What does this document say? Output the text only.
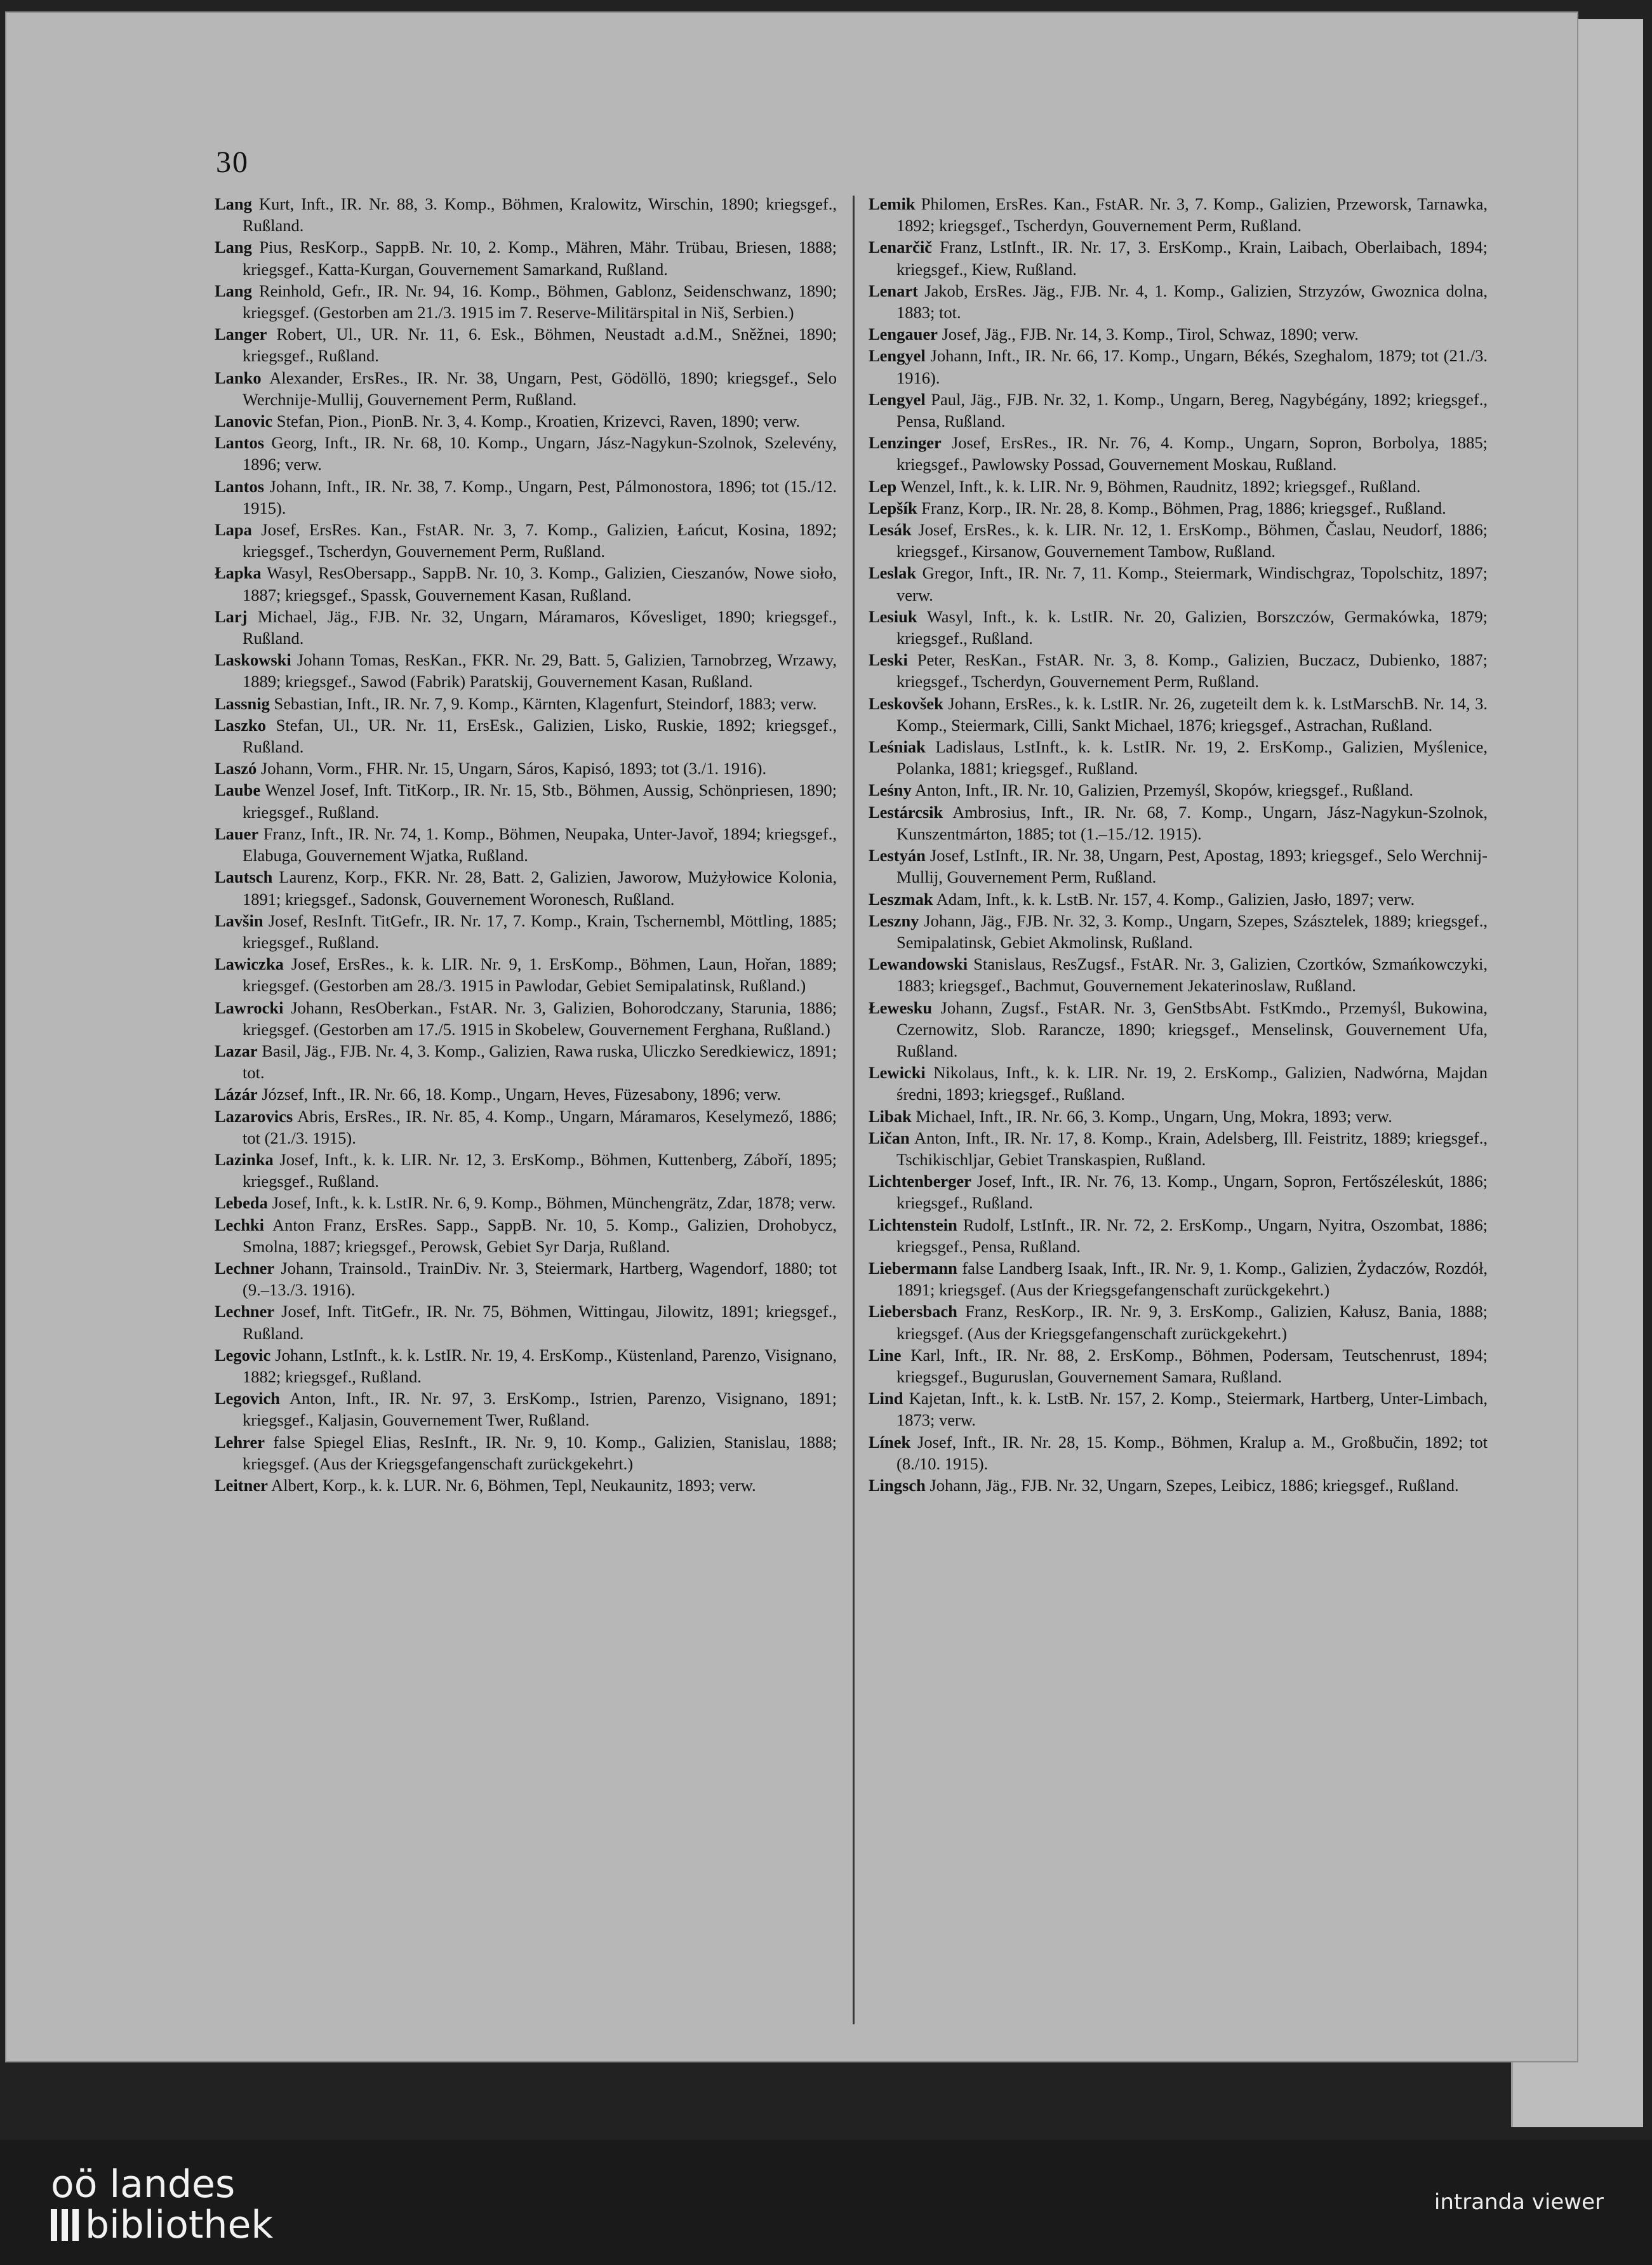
30

Lang Kurt, Inft., IR. Nr. 88, 3. Komp., Böhmen, Kralowitz, Wirschin, 1890; kriegsgef., Rußland.

Lang Pius, ResKorp., SappB. Nr. 10, 2. Komp., Mähren, Mähr. Trübau, Briesen, 1888; kriegsgef., Katta-Kurgan, Gouvernement Samarkand, Rußland.

Lang Reinhold, Gefr., IR. Nr. 94, 16. Komp., Böhmen, Gablonz, Seidenschwanz, 1890; kriegsgef. (Gestorben am 21./3. 1915 im 7. Reserve-Militärspital in Niš, Serbien.)

Langer Robert, Ul., UR. Nr. 11, 6. Esk., Böhmen, Neustadt a.d.M., Sněžnei, 1890; kriegsgef., Rußland.

Lanko Alexander, ErsRes., IR. Nr. 38, Ungarn, Pest, Gödöllö, 1890; kriegsgef., Selo Werchnije-Mullij, Gouvernement Perm, Rußland.

Lanovic Stefan, Pion., PionB. Nr. 3, 4. Komp., Kroatien, Krizevci, Raven, 1890; verw.

Lantos Georg, Inft., IR. Nr. 68, 10. Komp., Ungarn, Jász-Nagykun-Szolnok, Szelevény, 1896; verw.

Lantos Johann, Inft., IR. Nr. 38, 7. Komp., Ungarn, Pest, Pálmonostora, 1896; tot (15./12. 1915).

Lapa Josef, ErsRes. Kan., FstAR. Nr. 3, 7. Komp., Galizien, Łańcut, Kosina, 1892; kriegsgef., Tscherdyn, Gouvernement Perm, Rußland.

Łapka Wasyl, ResObersapp., SappB. Nr. 10, 3. Komp., Galizien, Cieszanów, Nowe sioło, 1887; kriegsgef., Spassk, Gouvernement Kasan, Rußland.

Larj Michael, Jäg., FJB. Nr. 32, Ungarn, Máramaros, Kővesliget, 1890; kriegsgef., Rußland.

Laskowski Johann Tomas, ResKan., FKR. Nr. 29, Batt. 5, Galizien, Tarnobrzeg, Wrzawy, 1889; kriegsgef., Sawod (Fabrik) Paratskij, Gouvernement Kasan, Rußland.

Lassnig Sebastian, Inft., IR. Nr. 7, 9. Komp., Kärnten, Klagenfurt, Steindorf, 1883; verw.

Laszko Stefan, Ul., UR. Nr. 11, ErsEsk., Galizien, Lisko, Ruskie, 1892; kriegsgef., Rußland.

Laszó Johann, Vorm., FHR. Nr. 15, Ungarn, Sáros, Kapisó, 1893; tot (3./1. 1916).

Laube Wenzel Josef, Inft. TitKorp., IR. Nr. 15, Stb., Böhmen, Aussig, Schönpriesen, 1890; kriegsgef., Rußland.

Lauer Franz, Inft., IR. Nr. 74, 1. Komp., Böhmen, Neupaka, Unter-Javoř, 1894; kriegsgef., Elabuga, Gouvernement Wjatka, Rußland.

Lautsch Laurenz, Korp., FKR. Nr. 28, Batt. 2, Galizien, Jaworow, Mużyłowice Kolonia, 1891; kriegsgef., Sadonsk, Gouvernement Woronesch, Rußland.

Lavšin Josef, ResInft. TitGefr., IR. Nr. 17, 7. Komp., Krain, Tschernembl, Möttling, 1885; kriegsgef., Rußland.

Lawiczka Josef, ErsRes., k. k. LIR. Nr. 9, 1. ErsKomp., Böhmen, Laun, Hořan, 1889; kriegsgef. (Gestorben am 28./3. 1915 in Pawlodar, Gebiet Semipalatinsk, Rußland.)

Lawrocki Johann, ResOberkan., FstAR. Nr. 3, Galizien, Bohorodczany, Starunia, 1886; kriegsgef. (Gestorben am 17./5. 1915 in Skobelew, Gouvernement Ferghana, Rußland.)

Lazar Basil, Jäg., FJB. Nr. 4, 3. Komp., Galizien, Rawa ruska, Uliczko Seredkiewicz, 1891; tot.

Lázár József, Inft., IR. Nr. 66, 18. Komp., Ungarn, Heves, Füzesabony, 1896; verw.

Lazarovics Abris, ErsRes., IR. Nr. 85, 4. Komp., Ungarn, Máramaros, Keselymező, 1886; tot (21./3. 1915).

Lazinka Josef, Inft., k. k. LIR. Nr. 12, 3. ErsKomp., Böhmen, Kuttenberg, Záboří, 1895; kriegsgef., Rußland.

Lebeda Josef, Inft., k. k. LstIR. Nr. 6, 9. Komp., Böhmen, Münchengrätz, Zdar, 1878; verw.

Lechki Anton Franz, ErsRes. Sapp., SappB. Nr. 10, 5. Komp., Galizien, Drohobycz, Smolna, 1887; kriegsgef., Perowsk, Gebiet Syr Darja, Rußland.

Lechner Johann, Trainsold., TrainDiv. Nr. 3, Steiermark, Hartberg, Wagendorf, 1880; tot (9.–13./3. 1916).

Lechner Josef, Inft. TitGefr., IR. Nr. 75, Böhmen, Wittingau, Jilowitz, 1891; kriegsgef., Rußland.

Legovic Johann, LstInft., k. k. LstIR. Nr. 19, 4. ErsKomp., Küstenland, Parenzo, Visignano, 1882; kriegsgef., Rußland.

Legovich Anton, Inft., IR. Nr. 97, 3. ErsKomp., Istrien, Parenzo, Visignano, 1891; kriegsgef., Kaljasin, Gouvernement Twer, Rußland.

Lehrer false Spiegel Elias, ResInft., IR. Nr. 9, 10. Komp., Galizien, Stanislau, 1888; kriegsgef. (Aus der Kriegsgefangenschaft zurückgekehrt.)

Leitner Albert, Korp., k. k. LUR. Nr. 6, Böhmen, Tepl, Neukaunitz, 1893; verw.

Lemik Philomen, ErsRes. Kan., FstAR. Nr. 3, 7. Komp., Galizien, Przeworsk, Tarnawka, 1892; kriegsgef., Tscherdyn, Gouvernement Perm, Rußland.

Lenarčič Franz, LstInft., IR. Nr. 17, 3. ErsKomp., Krain, Laibach, Oberlaibach, 1894; kriegsgef., Kiew, Rußland.

Lenart Jakob, ErsRes. Jäg., FJB. Nr. 4, 1. Komp., Galizien, Strzyzów, Gwoznica dolna, 1883; tot.

Lengauer Josef, Jäg., FJB. Nr. 14, 3. Komp., Tirol, Schwaz, 1890; verw.

Lengyel Johann, Inft., IR. Nr. 66, 17. Komp., Ungarn, Békés, Szeghalom, 1879; tot (21./3. 1916).

Lengyel Paul, Jäg., FJB. Nr. 32, 1. Komp., Ungarn, Bereg, Nagybégány, 1892; kriegsgef., Pensa, Rußland.

Lenzinger Josef, ErsRes., IR. Nr. 76, 4. Komp., Ungarn, Sopron, Borbolya, 1885; kriegsgef., Pawlowsky Possad, Gouvernement Moskau, Rußland.

Lep Wenzel, Inft., k. k. LIR. Nr. 9, Böhmen, Raudnitz, 1892; kriegsgef., Rußland.

Lepšík Franz, Korp., IR. Nr. 28, 8. Komp., Böhmen, Prag, 1886; kriegsgef., Rußland.

Lesák Josef, ErsRes., k. k. LIR. Nr. 12, 1. ErsKomp., Böhmen, Časlau, Neudorf, 1886; kriegsgef., Kirsanow, Gouvernement Tambow, Rußland.

Leslak Gregor, Inft., IR. Nr. 7, 11. Komp., Steiermark, Windischgraz, Topolschitz, 1897; verw.

Lesiuk Wasyl, Inft., k. k. LstIR. Nr. 20, Galizien, Borszczów, Germakówka, 1879; kriegsgef., Rußland.

Leski Peter, ResKan., FstAR. Nr. 3, 8. Komp., Galizien, Buczacz, Dubienko, 1887; kriegsgef., Tscherdyn, Gouvernement Perm, Rußland.

Leskovšek Johann, ErsRes., k. k. LstIR. Nr. 26, zugeteilt dem k. k. LstMarschB. Nr. 14, 3. Komp., Steiermark, Cilli, Sankt Michael, 1876; kriegsgef., Astrachan, Rußland.

Leśniak Ladislaus, LstInft., k. k. LstIR. Nr. 19, 2. ErsKomp., Galizien, Myślenice, Polanka, 1881; kriegsgef., Rußland.

Leśny Anton, Inft., IR. Nr. 10, Galizien, Przemyśl, Skopów, kriegsgef., Rußland.

Lestárcsik Ambrosius, Inft., IR. Nr. 68, 7. Komp., Ungarn, Jász-Nagykun-Szolnok, Kunszentmárton, 1885; tot (1.–15./12. 1915).

Lestyán Josef, LstInft., IR. Nr. 38, Ungarn, Pest, Apostag, 1893; kriegsgef., Selo Werchnij-Mullij, Gouvernement Perm, Rußland.

Leszmak Adam, Inft., k. k. LstB. Nr. 157, 4. Komp., Galizien, Jasło, 1897; verw.

Leszny Johann, Jäg., FJB. Nr. 32, 3. Komp., Ungarn, Szepes, Szásztelek, 1889; kriegsgef., Semipalatinsk, Gebiet Akmolinsk, Rußland.

Lewandowski Stanislaus, ResZugsf., FstAR. Nr. 3, Galizien, Czortków, Szmańkowczyki, 1883; kriegsgef., Bachmut, Gouvernement Jekaterinoslaw, Rußland.

Łewesku Johann, Zugsf., FstAR. Nr. 3, GenStbsAbt. FstKmdo., Przemyśl, Bukowina, Czernowitz, Slob. Raranсze, 1890; kriegsgef., Menselinsk, Gouvernement Ufa, Rußland.

Lewicki Nikolaus, Inft., k. k. LIR. Nr. 19, 2. ErsKomp., Galizien, Nadwórna, Majdan średni, 1893; kriegsgef., Rußland.

Libak Michael, Inft., IR. Nr. 66, 3. Komp., Ungarn, Ung, Mokra, 1893; verw.

Ličan Anton, Inft., IR. Nr. 17, 8. Komp., Krain, Adelsberg, Ill. Feistritz, 1889; kriegsgef., Tschikischljar, Gebiet Transkaspien, Rußland.

Lichtenberger Josef, Inft., IR. Nr. 76, 13. Komp., Ungarn, Sopron, Fertőszéleskút, 1886; kriegsgef., Rußland.

Lichtenstein Rudolf, LstInft., IR. Nr. 72, 2. ErsKomp., Ungarn, Nyitra, Oszombat, 1886; kriegsgef., Pensa, Rußland.

Liebermann false Landberg Isaak, Inft., IR. Nr. 9, 1. Komp., Galizien, Żydaczów, Rozdół, 1891; kriegsgef. (Aus der Kriegsgefangenschaft zurückgekehrt.)

Liebersbach Franz, ResKorp., IR. Nr. 9, 3. ErsKomp., Galizien, Kałusz, Bania, 1888; kriegsgef. (Aus der Kriegsgefangenschaft zurückgekehrt.)

Line Karl, Inft., IR. Nr. 88, 2. ErsKomp., Böhmen, Podersam, Teutschenrust, 1894; kriegsgef., Buguruslan, Gouvernement Samara, Rußland.

Lind Kajetan, Inft., k. k. LstB. Nr. 157, 2. Komp., Steiermark, Hartberg, Unter-Limbach, 1873; verw.

Línek Josef, Inft., IR. Nr. 28, 15. Komp., Böhmen, Kralup a. M., Großbučin, 1892; tot (8./10. 1915).

Lingsch Johann, Jäg., FJB. Nr. 32, Ungarn, Szepes, Leibicz, 1886; kriegsgef., Rußland.

oö landes
bibliothek
intranda viewer
